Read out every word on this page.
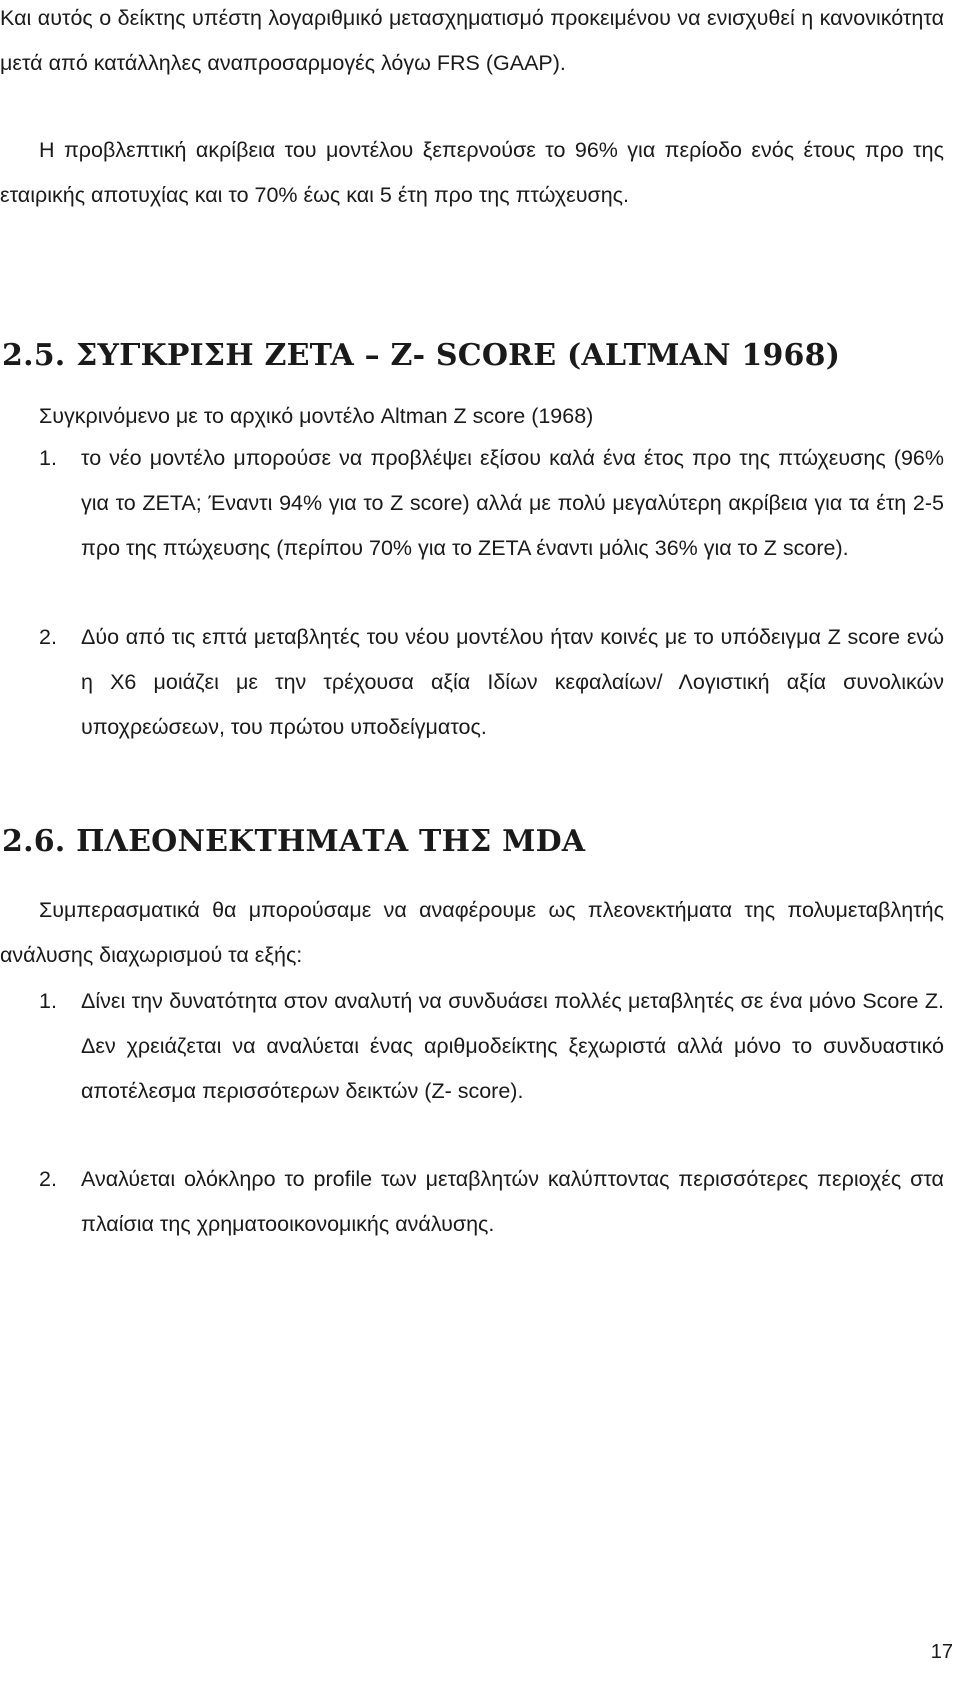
Και αυτός ο δείκτης υπέστη λογαριθμικό μετασχηματισμό προκειμένου να ενισχυθεί η κανονικότητα μετά από κατάλληλες αναπροσαρμογές λόγω FRS (GAAP).

Η προβλεπτική ακρίβεια του μοντέλου ξεπερνούσε το 96% για περίοδο ενός έτους προ της εταιρικής αποτυχίας και το 70% έως και 5 έτη προ της πτώχευσης.

2.5. ΣΥΓΚΡΙΣΗ ZETA – Z- SCORE (ALTMAN 1968)
Συγκρινόμενο με το αρχικό μοντέλο Altman Z score (1968)
1. το νέο μοντέλο μπορούσε να προβλέψει εξίσου καλά ένα έτος προ της πτώχευσης (96% για το ZETA; Έναντι 94% για το Z score) αλλά με πολύ μεγαλύτερη ακρίβεια για τα έτη 2-5 προ της πτώχευσης (περίπου 70% για το ZETA έναντι μόλις 36% για το Z score).
2. Δύο από τις επτά μεταβλητές του νέου μοντέλου ήταν κοινές με το υπόδειγμα Z score ενώ η X6 μοιάζει με την τρέχουσα αξία Ιδίων κεφαλαίων/ Λογιστική αξία συνολικών υποχρεώσεων, του πρώτου υποδείγματος.
2.6. ΠΛΕΟΝΕΚΤΗΜΑΤΑ ΤΗΣ MDA

Συμπερασματικά θα μπορούσαμε να αναφέρουμε ως πλεονεκτήματα της πολυμεταβλητής ανάλυσης διαχωρισμού τα εξής:

1. Δίνει την δυνατότητα στον αναλυτή να συνδυάσει πολλές μεταβλητές σε ένα μόνο Score Z. Δεν χρειάζεται να αναλύεται ένας αριθμοδείκτης ξεχωριστά αλλά μόνο το συνδυαστικό αποτέλεσμα περισσότερων δεικτών (Z- score).
2. Αναλύεται ολόκληρο το profile των μεταβλητών καλύπτοντας περισσότερες περιοχές στα πλαίσια της χρηματοοικονομικής ανάλυσης.
17
